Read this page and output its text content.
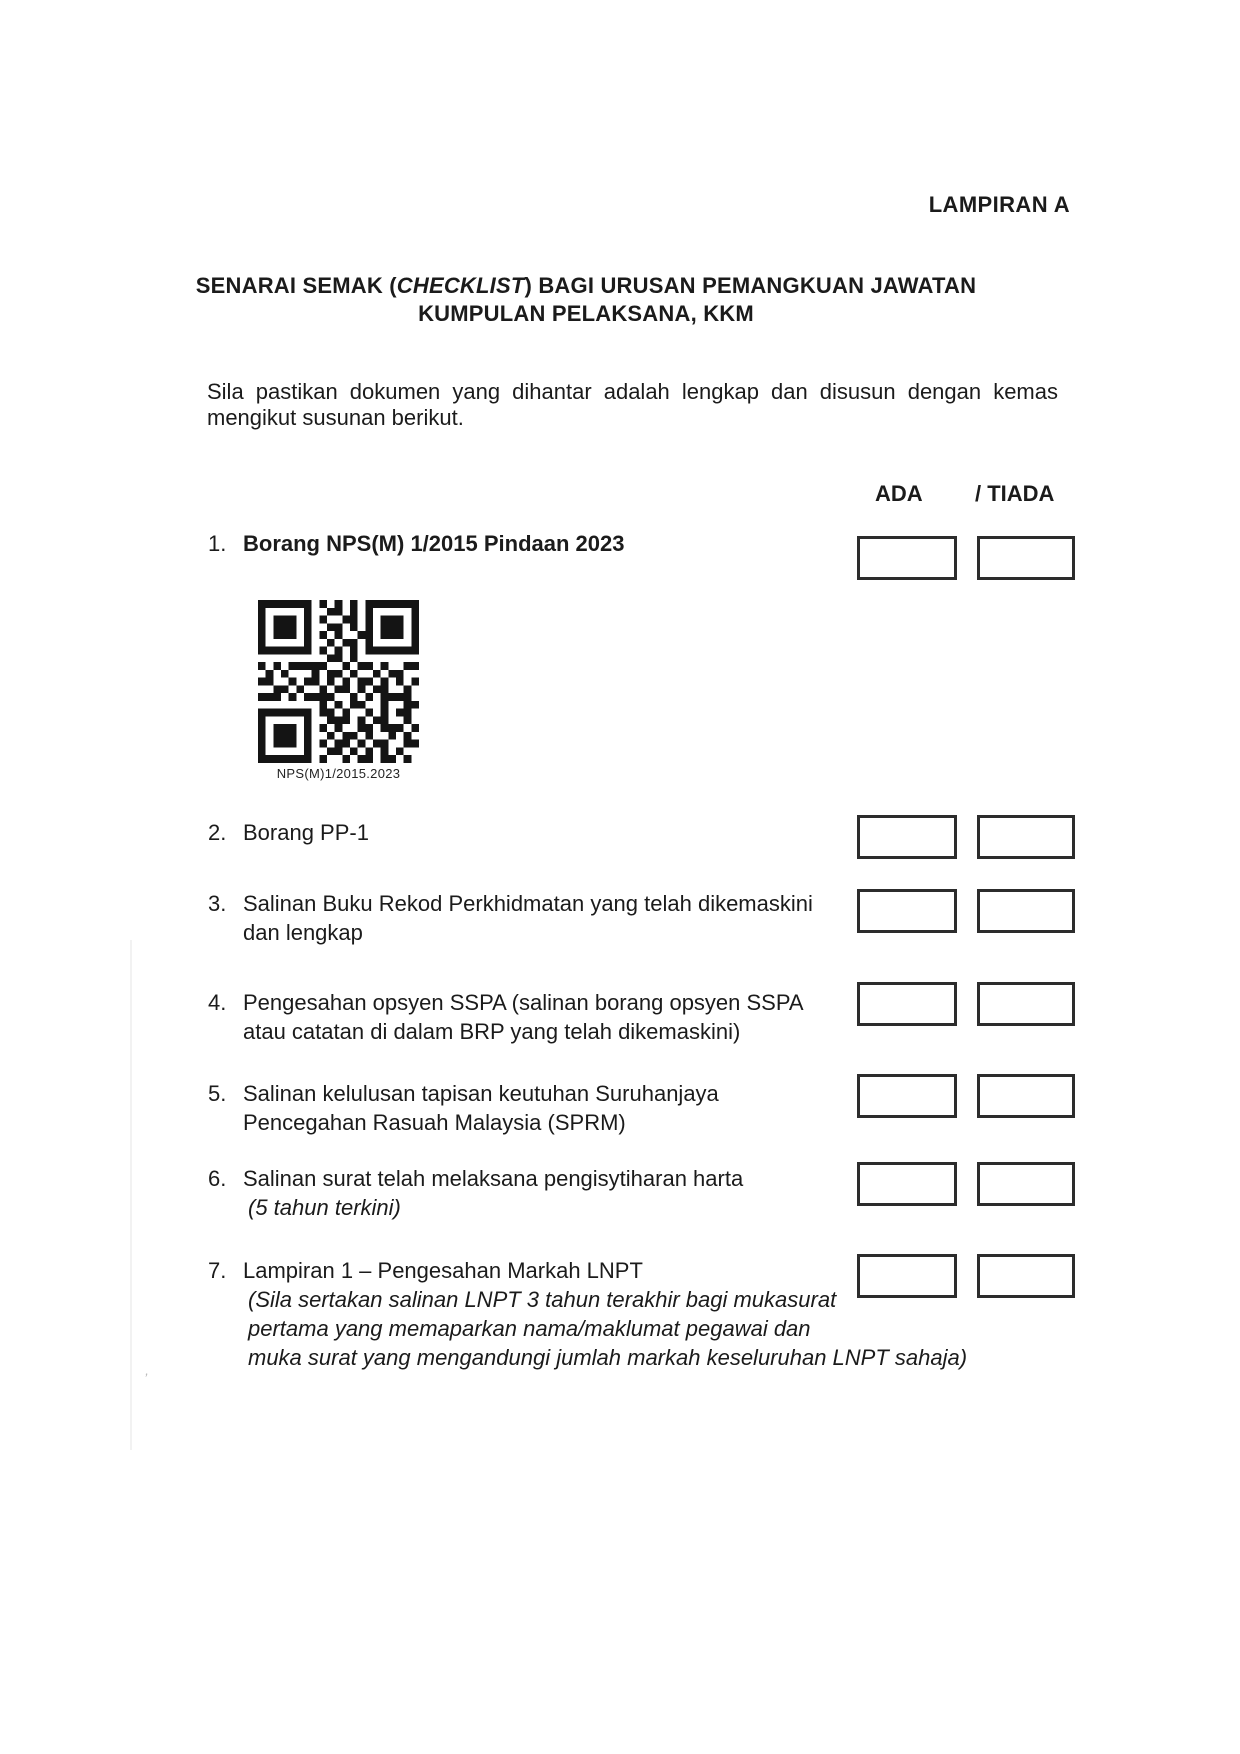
LAMPIRAN A
SENARAI SEMAK (CHECKLIST) BAGI URUSAN PEMANGKUAN JAWATAN
KUMPULAN PELAKSANA, KKM
Sila pastikan dokumen yang dihantar adalah lengkap dan disusun dengan kemas
mengikut susunan berikut.
ADA / TIADA
1. Borang NPS(M) 1/2015 Pindaan 2023
NPS(M)1/2015.2023
2. Borang PP-1
3. Salinan Buku Rekod Perkhidmatan yang telah dikemaskini
dan lengkap
4. Pengesahan opsyen SSPA (salinan borang opsyen SSPA
atau catatan di dalam BRP yang telah dikemaskini)
5. Salinan kelulusan tapisan keutuhan Suruhanjaya
Pencegahan Rasuah Malaysia (SPRM)
6. Salinan surat telah melaksana pengisytiharan harta
(5 tahun terkini)
7. Lampiran 1 – Pengesahan Markah LNPT
(Sila sertakan salinan LNPT 3 tahun terakhir bagi mukasurat
pertama yang memaparkan nama/maklumat pegawai dan
muka surat yang mengandungi jumlah markah keseluruhan LNPT sahaja)
‚
